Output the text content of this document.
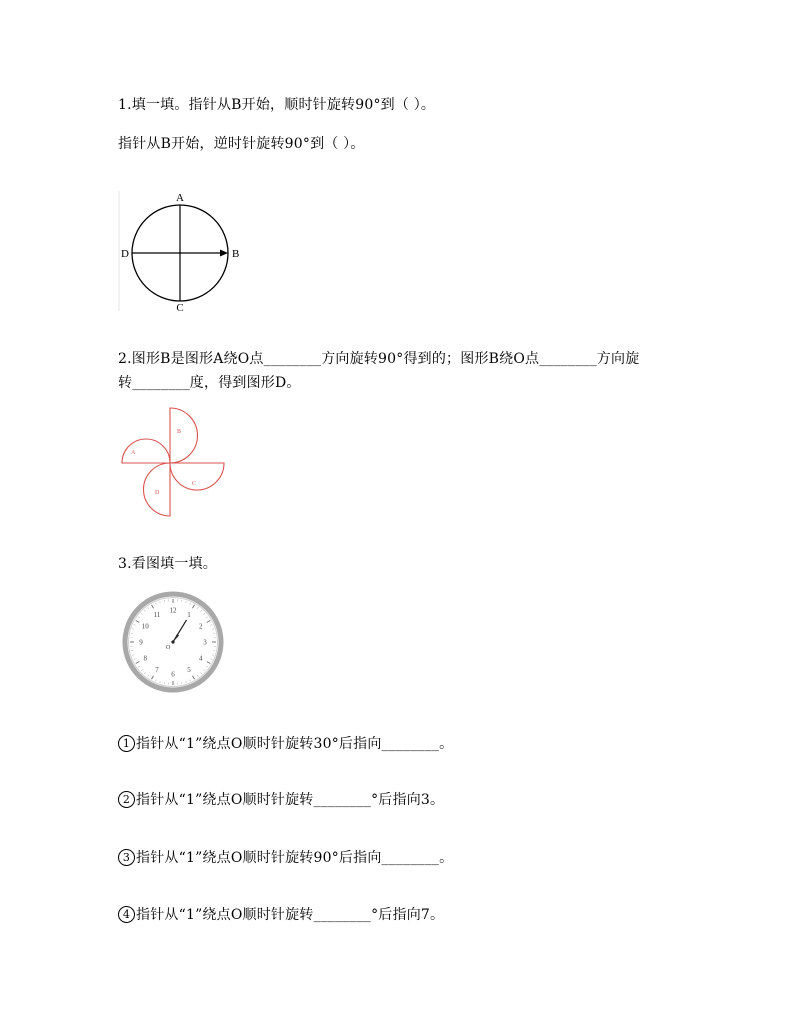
1.填一填。指针从B开始，顺时针旋转90°到（ ）。
指针从B开始，逆时针旋转90°到（ ）。
A
B
C
D
2.图形B是图形A绕O点________方向旋转90°得到的；图形B绕O点________方向旋
转________度，得到图形D。
A
B
C
D
3.看图填一填。
12
1
2
3
4
5
6
7
8
9
10
11
O
1 指针从“1”绕点O顺时针旋转30°后指向________。
2 指针从“1”绕点O顺时针旋转________°后指向3。
3 指针从“1”绕点O顺时针旋转90°后指向________。
4 指针从“1”绕点O顺时针旋转________°后指向7。
